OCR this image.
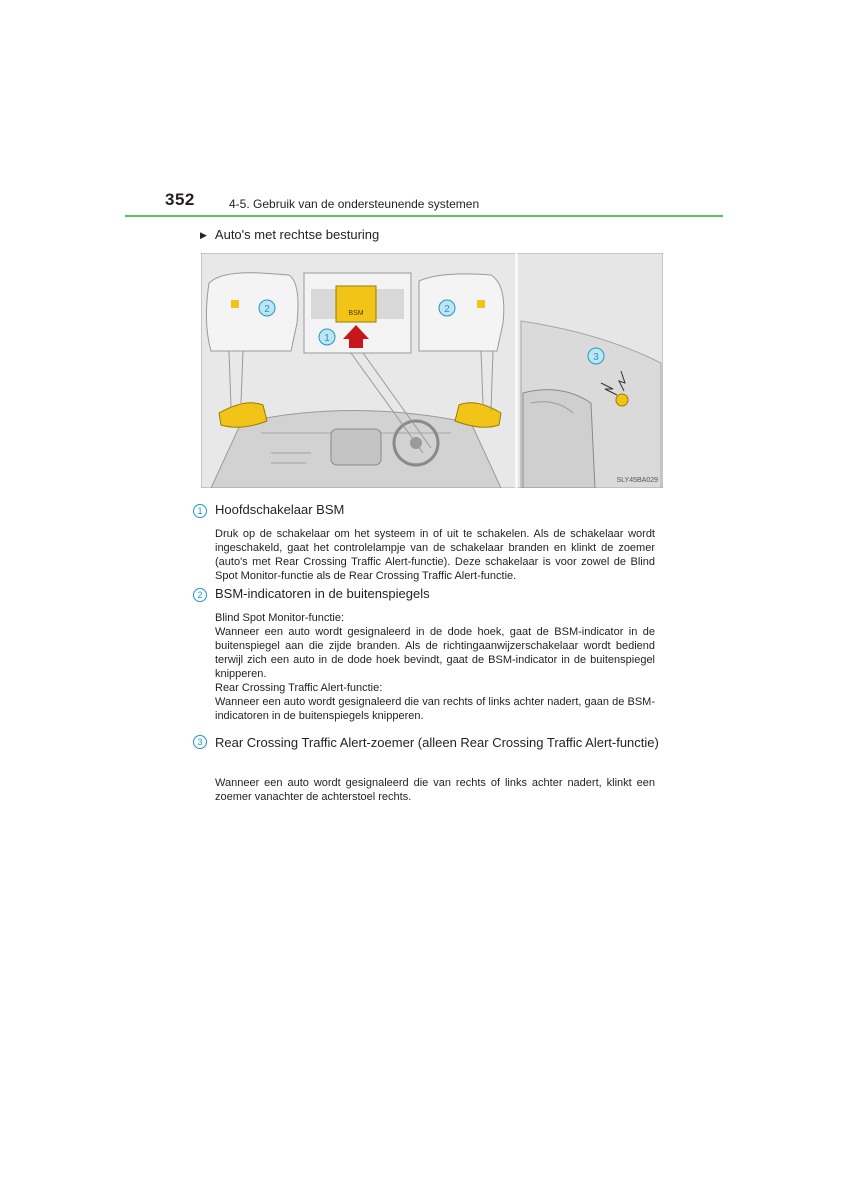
352	4-5. Gebruik van de ondersteunende systemen
▶ Auto's met rechtse besturing
2	BSM
1
2
3
SLY45BA029
1 Hoofdschakelaar BSM

Druk op de schakelaar om het systeem in of uit te schakelen. Als de schakelaar wordt ingeschakeld, gaat het controlelampje van de schakelaar branden en klinkt de zoemer (auto's met Rear Crossing Traffic Alert-functie). Deze schakelaar is voor zowel de Blind Spot Monitor-functie als de Rear Crossing Traffic Alert-functie.

2 BSM-indicatoren in de buitenspiegels

Blind Spot Monitor-functie:

Wanneer een auto wordt gesignaleerd in de dode hoek, gaat de BSM-indicator in de buitenspiegel aan die zijde branden. Als de richtingaanwijzerschakelaar wordt bediend terwijl zich een auto in de dode hoek bevindt, gaat de BSM-indicator in de buitenspiegel knipperen.

Rear Crossing Traffic Alert-functie:

Wanneer een auto wordt gesignaleerd die van rechts of links achter nadert, gaan de BSM-indicatoren in de buitenspiegels knipperen.

3 Rear Crossing Traffic Alert-zoemer (alleen Rear Crossing Traffic Alert-functie)

Wanneer een auto wordt gesignaleerd die van rechts of links achter nadert, klinkt een zoemer vanachter de achterstoel rechts.
